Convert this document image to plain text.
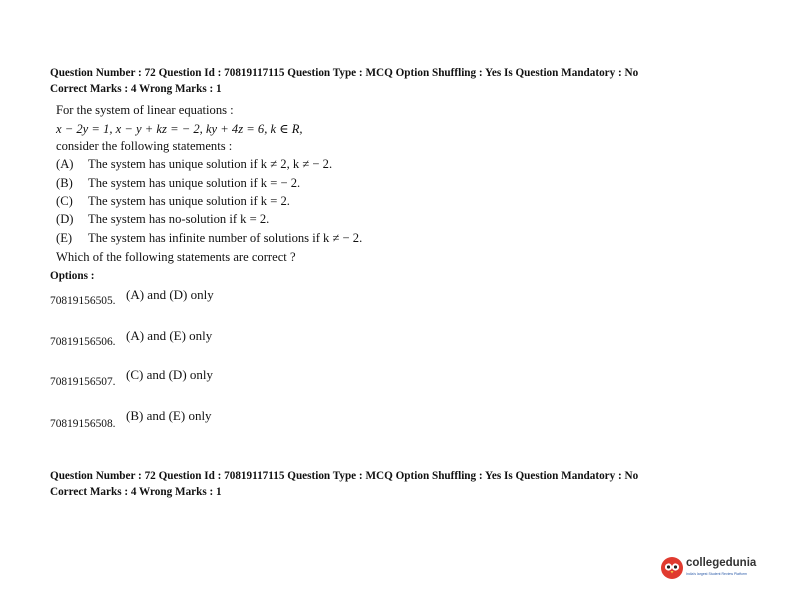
Question Number : 72 Question Id : 70819117115 Question Type : MCQ Option Shuffling : Yes Is Question Mandatory : No
Correct Marks : 4 Wrong Marks : 1
For the system of linear equations :
x − 2y = 1, x − y + kz = − 2, ky + 4z = 6, k ∈ R,
consider the following statements :
(A) The system has unique solution if k ≠ 2, k ≠ − 2.
(B) The system has unique solution if k = − 2.
(C) The system has unique solution if k = 2.
(D) The system has no-solution if k = 2.
(E) The system has infinite number of solutions if k ≠ − 2.
Which of the following statements are correct ?
Options :
70819156505. (A) and (D) only
70819156506. (A) and (E) only
70819156507. (C) and (D) only
70819156508.
(B) and (E) only
Question Number : 72 Question Id : 70819117115 Question Type : MCQ Option Shuffling : Yes Is Question Mandatory : No
Correct Marks : 4 Wrong Marks : 1
collegedunia
India's largest Student Review Platform
